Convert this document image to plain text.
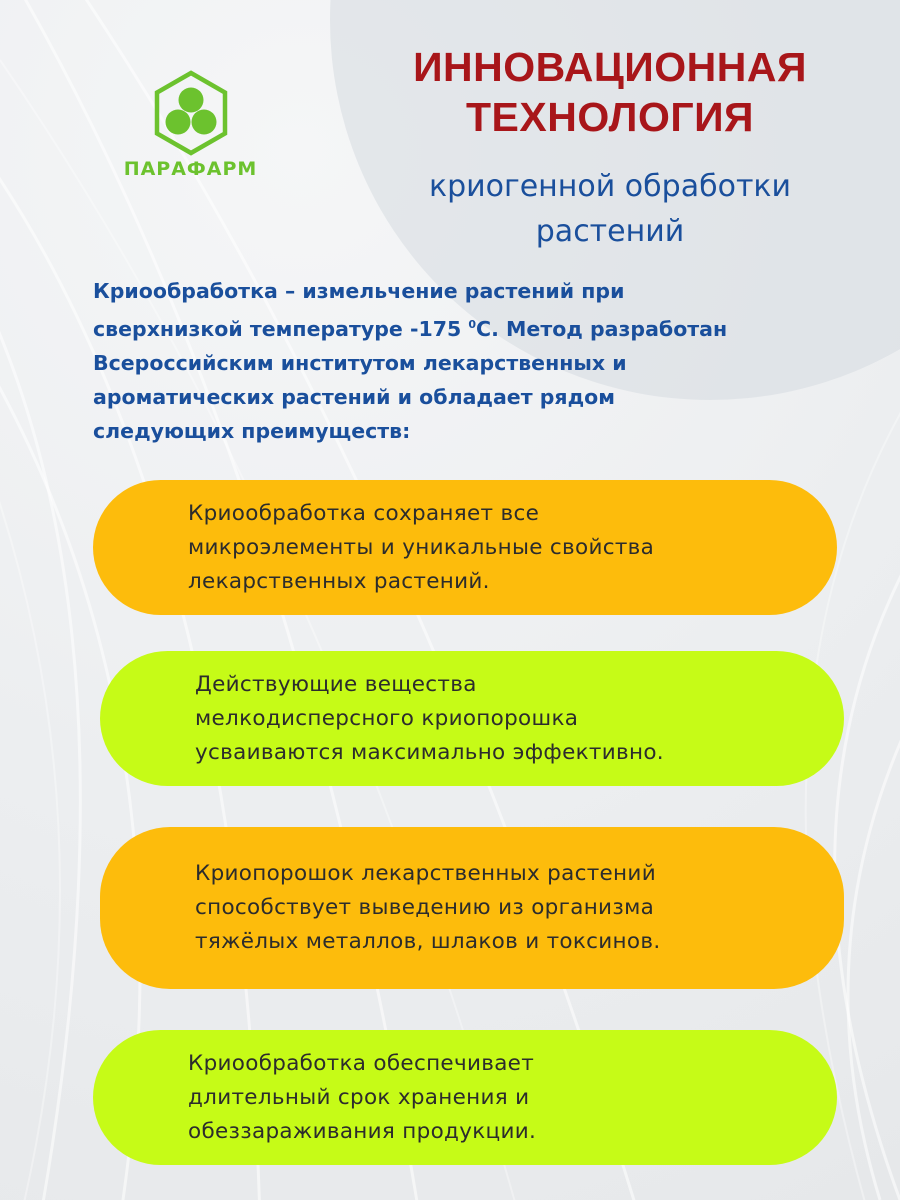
ПАРАФАРМ
ИННОВАЦИОННАЯ
ТЕХНОЛОГИЯ
криогенной обработки
растений
Криообработка – измельчение растений при
сверхнизкой температуре -175 $^0$С. Метод разработан
Всероссийским институтом лекарственных и
ароматических растений и обладает рядом
следующих преимуществ:
Криообработка сохраняет все
микроэлементы и уникальные свойства
лекарственных растений.
Действующие вещества
мелкодисперсного криопорошка
усваиваются максимально эффективно.
Криопорошок лекарственных растений
способствует выведению из организма
тяжёлых металлов, шлаков и токсинов.
Криообработка обеспечивает
длительный срок хранения и
обеззараживания продукции.
